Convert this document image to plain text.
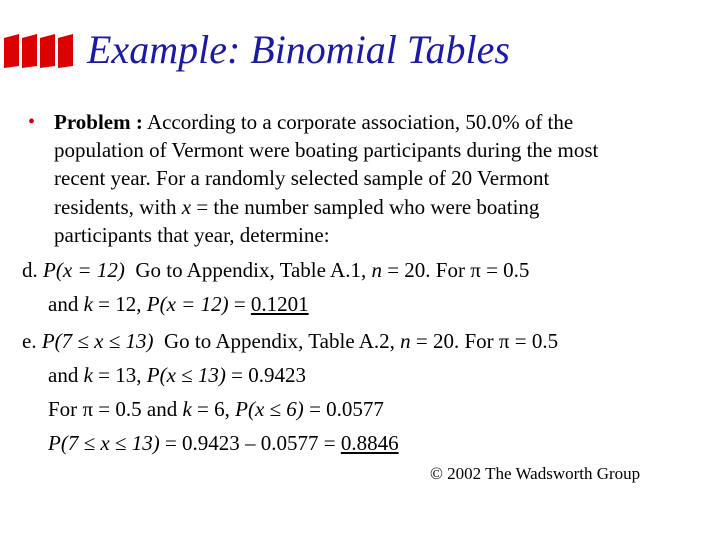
Example: Binomial Tables
• Problem : According to a corporate association, 50.0% of the
population of Vermont were boating participants during the most
recent year. For a randomly selected sample of 20 Vermont
residents, with x = the number sampled who were boating
participants that year, determine:
d. P(x = 12) Go to Appendix, Table A.1, n = 20. For π = 0.5
and k = 12, P(x = 12) = 0.1201
e. P(7 ≤ x ≤ 13) Go to Appendix, Table A.2, n = 20. For π = 0.5
and k = 13, P(x ≤ 13) = 0.9423
For π = 0.5 and k = 6, P(x ≤ 6) = 0.0577
P(7 ≤ x ≤ 13) = 0.9423 – 0.0577 = 0.8846
© 2002 The Wadsworth Group
